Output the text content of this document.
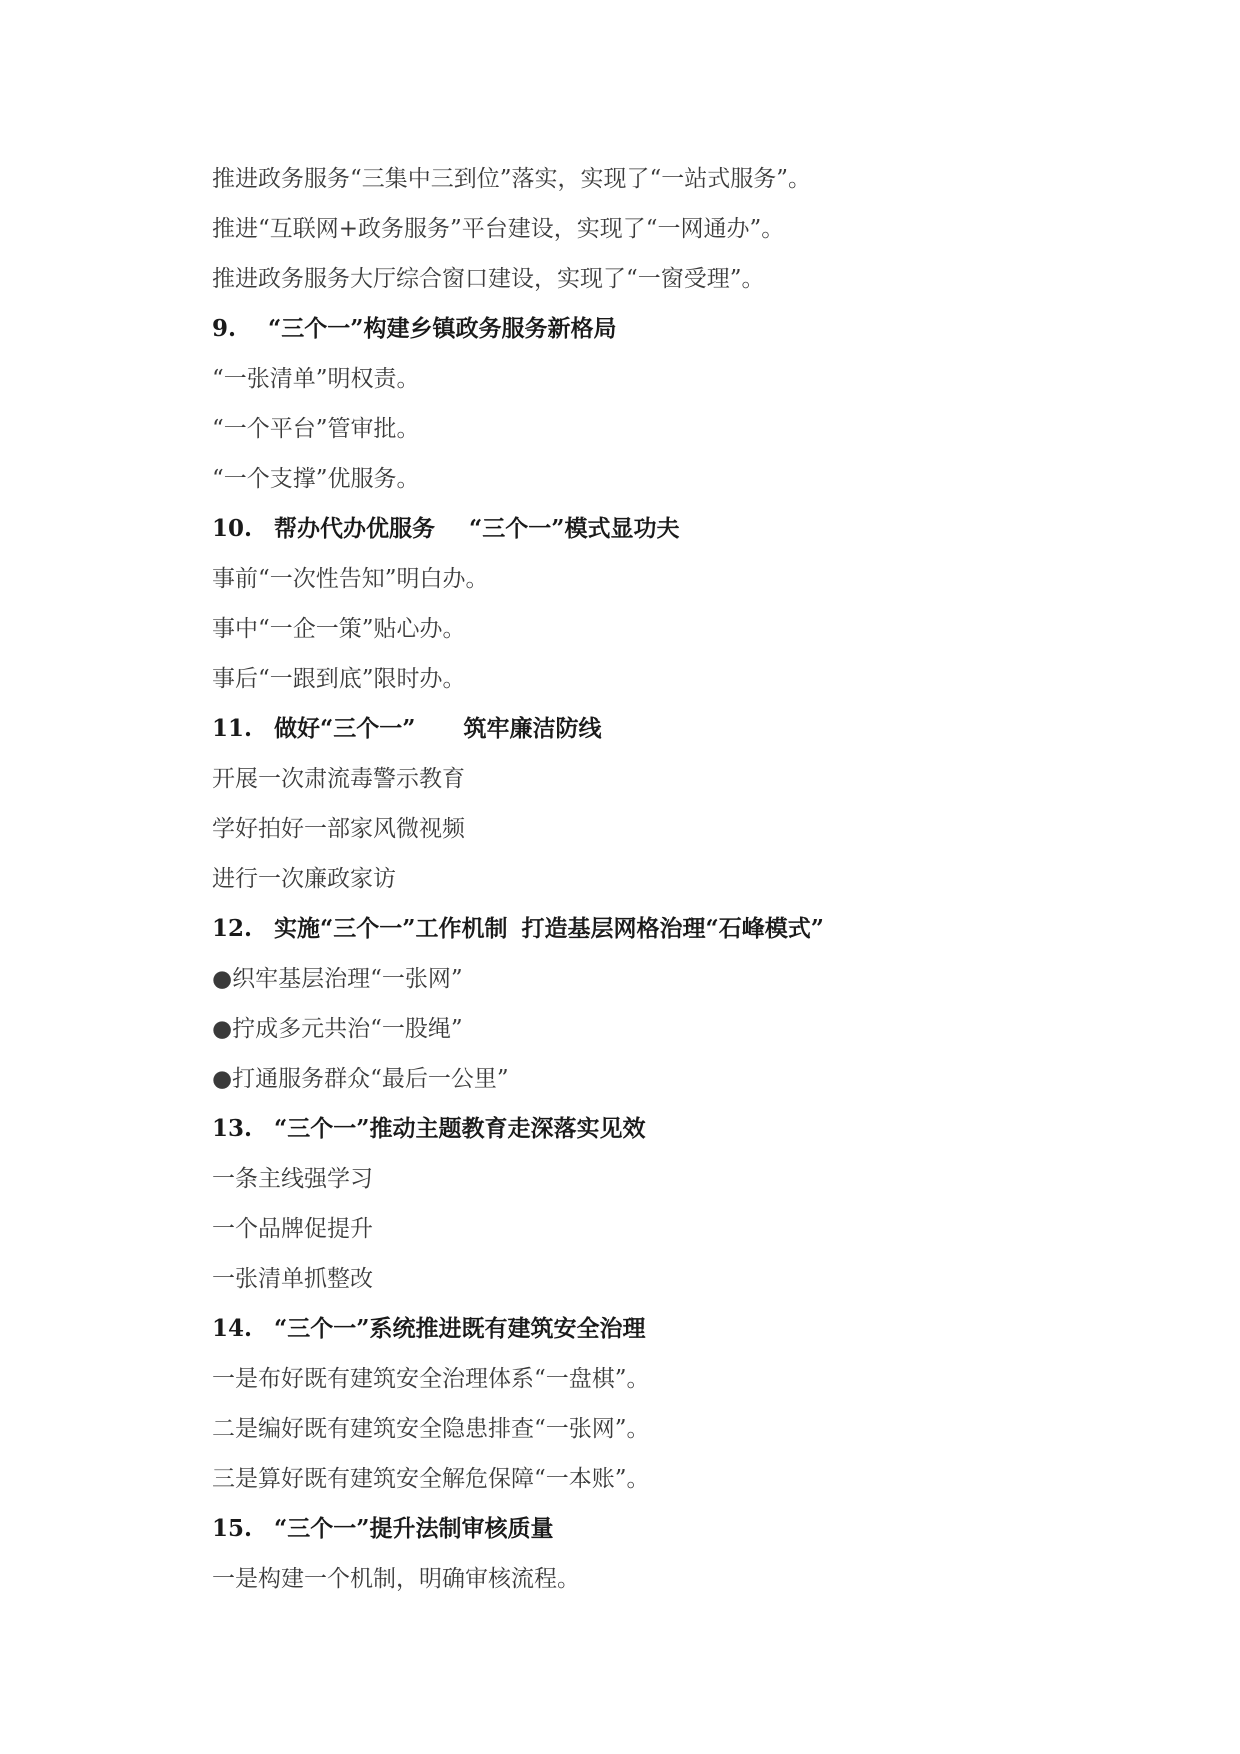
推进政务服务“三集中三到位”落实，实现了“一站式服务”。
推进“互联网+政务服务”平台建设，实现了“一网通办”。
推进政务服务大厅综合窗口建设，实现了“一窗受理”。
9. “三个一”构建乡镇政务服务新格局
“一张清单”明权责。
“一个平台”管审批。
“一个支撑”优服务。
10. 帮办代办优服务 “三个一”模式显功夫
事前“一次性告知”明白办。
事中“一企一策”贴心办。
事后“一跟到底”限时办。
11. 做好“三个一” 筑牢廉洁防线
开展一次肃流毒警示教育
学好拍好一部家风微视频
进行一次廉政家访
12. 实施“三个一”工作机制 打造基层网格治理“石峰模式”
●织牢基层治理“一张网”
●拧成多元共治“一股绳”
●打通服务群众“最后一公里”
13. “三个一”推动主题教育走深落实见效
一条主线强学习
一个品牌促提升
一张清单抓整改
14. “三个一”系统推进既有建筑安全治理
一是布好既有建筑安全治理体系“一盘棋”。
二是编好既有建筑安全隐患排查“一张网”。
三是算好既有建筑安全解危保障“一本账”。
15. “三个一”提升法制审核质量
一是构建一个机制，明确审核流程。
